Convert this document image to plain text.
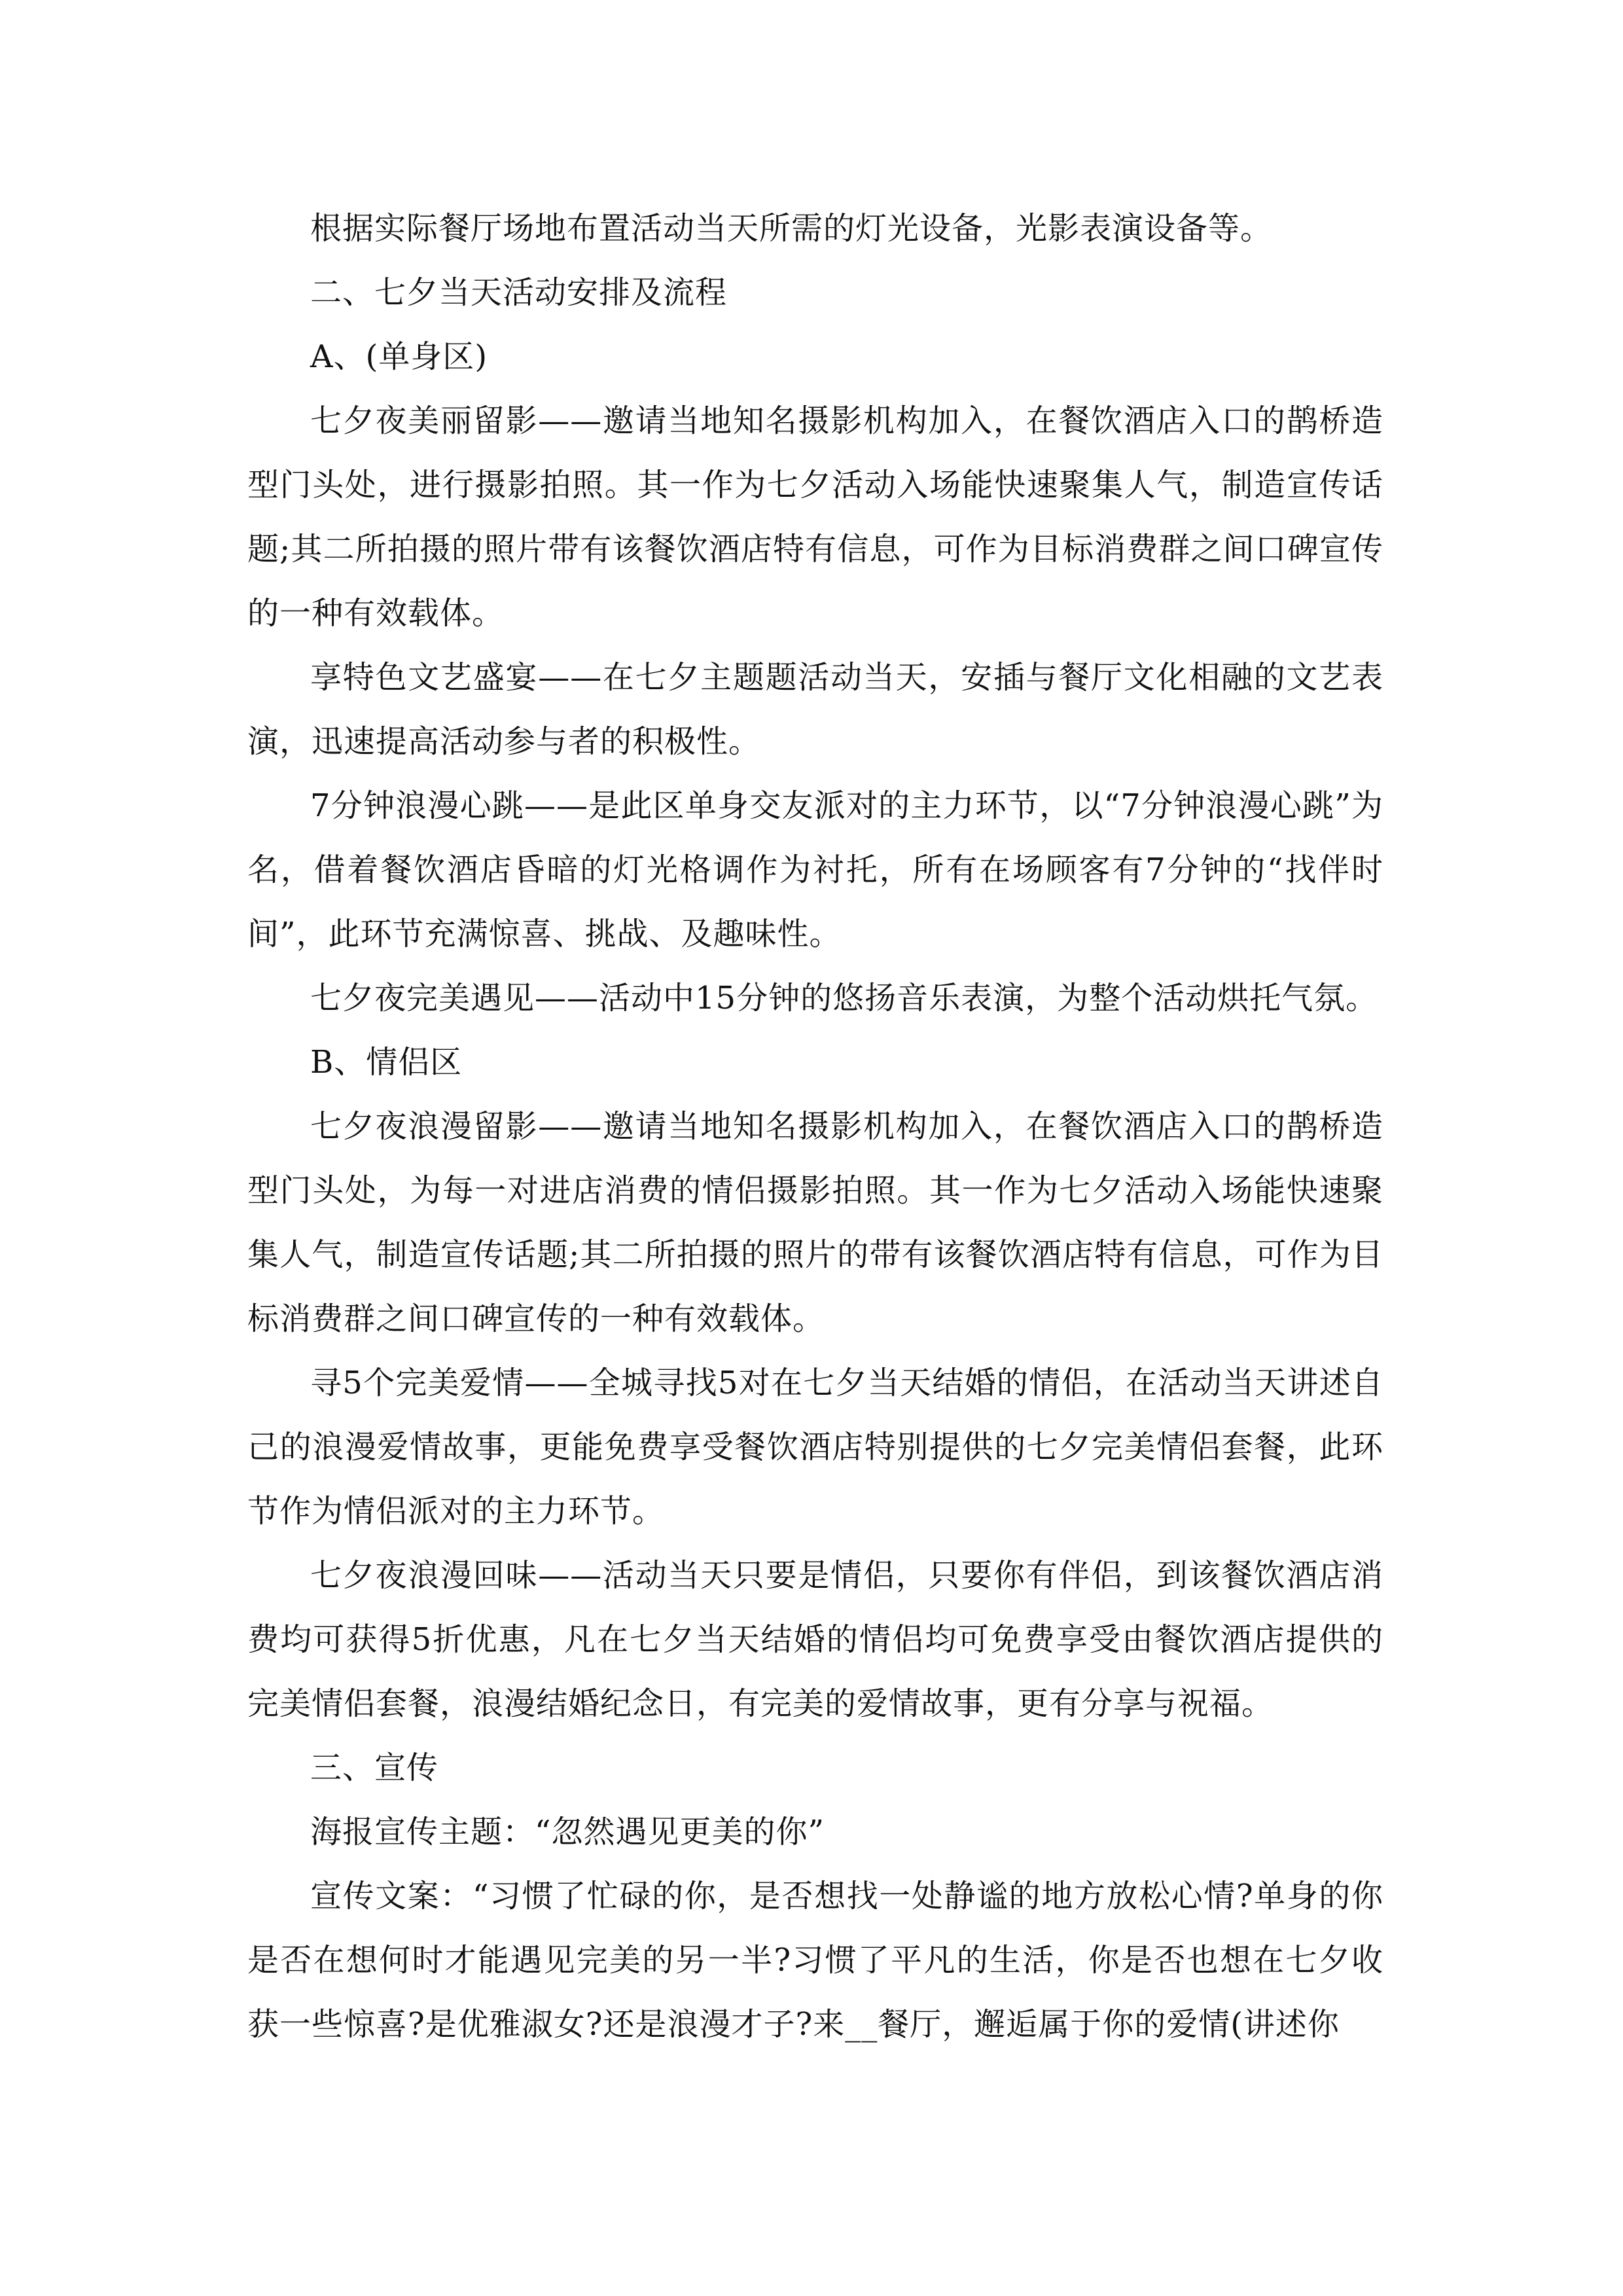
根据实际餐厅场地布置活动当天所需的灯光设备，光影表演设备等。

二、七夕当天活动安排及流程

A、(单身区)

七夕夜美丽留影——邀请当地知名摄影机构加入，在餐饮酒店入口的鹊桥造型门头处，进行摄影拍照。其一作为七夕活动入场能快速聚集人气，制造宣传话题;其二所拍摄的照片带有该餐饮酒店特有信息，可作为目标消费群之间口碑宣传的一种有效载体。

享特色文艺盛宴——在七夕主题题活动当天，安插与餐厅文化相融的文艺表演，迅速提高活动参与者的积极性。

7分钟浪漫心跳——是此区单身交友派对的主力环节，以“7分钟浪漫心跳”为名，借着餐饮酒店昏暗的灯光格调作为衬托，所有在场顾客有7分钟的“找伴时间”，此环节充满惊喜、挑战、及趣味性。

七夕夜完美遇见——活动中15分钟的悠扬音乐表演，为整个活动烘托气氛。

B、情侣区

七夕夜浪漫留影——邀请当地知名摄影机构加入，在餐饮酒店入口的鹊桥造型门头处，为每一对进店消费的情侣摄影拍照。其一作为七夕活动入场能快速聚集人气，制造宣传话题;其二所拍摄的照片的带有该餐饮酒店特有信息，可作为目标消费群之间口碑宣传的一种有效载体。

寻5个完美爱情——全城寻找5对在七夕当天结婚的情侣，在活动当天讲述自己的浪漫爱情故事，更能免费享受餐饮酒店特别提供的七夕完美情侣套餐，此环节作为情侣派对的主力环节。

七夕夜浪漫回味——活动当天只要是情侣，只要你有伴侣，到该餐饮酒店消费均可获得5折优惠，凡在七夕当天结婚的情侣均可免费享受由餐饮酒店提供的完美情侣套餐，浪漫结婚纪念日，有完美的爱情故事，更有分享与祝福。

三、宣传

海报宣传主题：“忽然遇见更美的你”

宣传文案：“习惯了忙碌的你，是否想找一处静谧的地方放松心情?单身的你是否在想何时才能遇见完美的另一半?习惯了平凡的生活，你是否也想在七夕收获一些惊喜?是优雅淑女?还是浪漫才子?来__餐厅，邂逅属于你的爱情(讲述你
